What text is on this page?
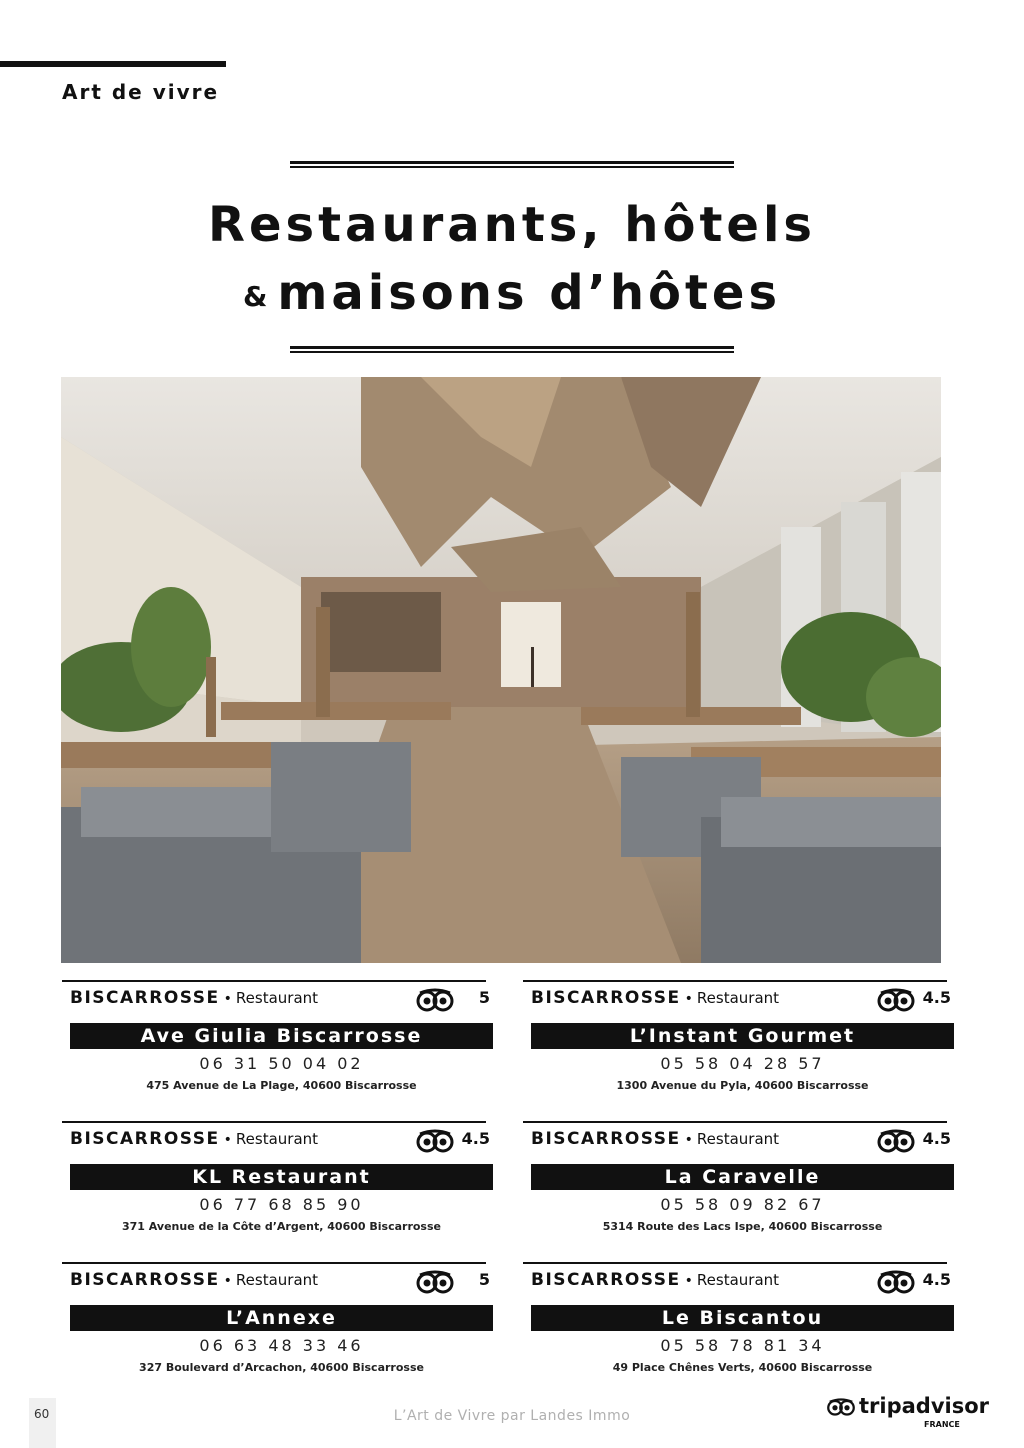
Art de vivre
Restaurants, hôtels
& maisons d’hôtes
BISCARROSSE • Restaurant	5
Ave Giulia Biscarrosse
06 31 50 04 02
475 Avenue de La Plage, 40600 Biscarrosse
BISCARROSSE • Restaurant	4.5
L’Instant Gourmet
05 58 04 28 57
1300 Avenue du Pyla, 40600 Biscarrosse
BISCARROSSE • Restaurant	4.5
KL Restaurant
06 77 68 85 90
371 Avenue de la Côte d’Argent, 40600 Biscarrosse
BISCARROSSE • Restaurant	4.5
La Caravelle
05 58 09 82 67
5314 Route des Lacs Ispe, 40600 Biscarrosse
BISCARROSSE • Restaurant	5
L’Annexe
06 63 48 33 46
327 Boulevard d’Arcachon, 40600 Biscarrosse
BISCARROSSE • Restaurant	4.5
Le Biscantou
05 58 78 81 34
49 Place Chênes Verts, 40600 Biscarrosse
60	L’Art de Vivre par Landes Immo	tripadvisor
FRANCE
